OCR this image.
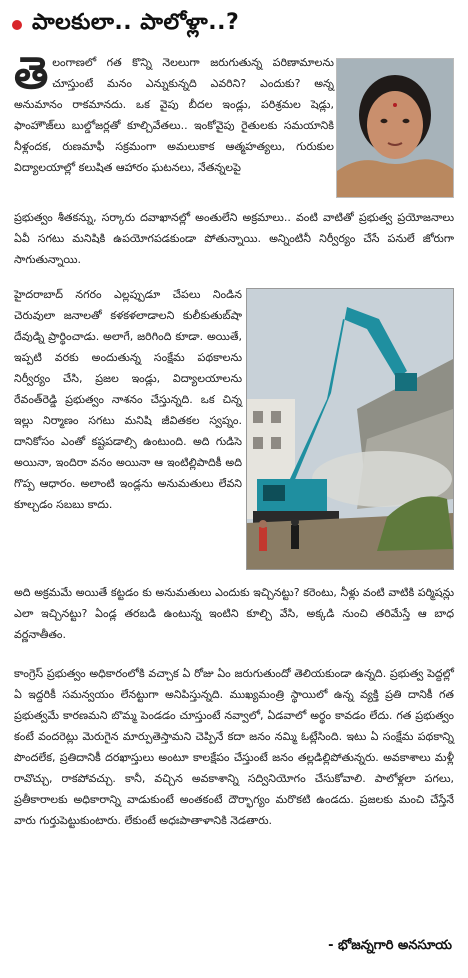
పాలకులా.. పాలోళ్లా..?
తె లంగాణలో గత కొన్ని నెలలుగా జరుగుతున్న పరిణామాలను చూస్తుంటే మనం ఎన్నుకున్నది ఎవరిని? ఎందుకు? అన్న అనుమానం రాకమానదు. ఒక వైపు బీదల ఇండ్లు, పరిశ్రమల షెడ్లు, ఫాంహౌజ్‌లు బుల్డోజర్లతో కూల్చివేతలు.. ఇంకోవైపు రైతులకు సమయానికి నీళ్లందక, రుణమాఫీ సక్రమంగా అమలుకాక ఆత్మహత్యలు, గురుకుల విద్యాలయాల్లో కలుషిత ఆహారం ఘటనలు, నేతన్నలపై
ప్రభుత్వం శీతకన్ను, సర్కారు దవాఖానల్లో అంతులేని అక్రమాలు.. వంటి వాటితో ప్రభుత్వ ప్రయోజనాలు ఏవీ సగటు మనిషికి ఉపయోగపడకుండా పోతున్నాయి. అన్నింటినీ నిర్వీర్యం చేసే పనులే జోరుగా సాగుతున్నాయి.
హైదరాబాద్ నగరం ఎల్లప్పుడూ చేపలు నిండిన చెరువులా జనాలతో కళకళలాడాలని కులీకుతుబ్‌షా దేవుడ్ని ప్రార్థించాడు. అలాగే, జరిగింది కూడా. అయితే, ఇప్పటి వరకు అందుతున్న సంక్షేమ పథకాలను నిర్వీర్యం చేసి, ప్రజల ఇండ్లు, విద్యాలయాలను రేవంత్‌రెడ్డి ప్రభుత్వం నాశనం చేస్తున్నది. ఒక చిన్న ఇల్లు నిర్మాణం సగటు మనిషి జీవితకల స్వప్నం. దానికోసం ఎంతో కష్టపడాల్సి ఉంటుంది. అది గుడిసె అయినా, ఇందిరా వనం అయినా ఆ ఇంటిల్లిపాదికీ అది గొప్ప ఆధారం. అలాంటి ఇండ్లను అనుమతులు లేవని కూల్చడం సబబు కాదు.
అది అక్రమమే అయితే కట్టడం కు అనుమతులు ఎందుకు ఇచ్చినట్టు? కరెంటు, నీళ్లు వంటి వాటికి పర్మిషన్లు ఎలా ఇచ్చినట్టు? ఏండ్ల తరబడి ఉంటున్న ఇంటిని కూల్చి వేసి, అక్కడి నుంచి తరిమేస్తే ఆ బాధ వర్ణనాతీతం.
కాంగ్రెస్ ప్రభుత్వం అధికారంలోకి వచ్చాక ఏ రోజు ఏం జరుగుతుందో తెలియకుండా ఉన్నది. ప్రభుత్వ పెద్దల్లో ఏ ఇద్దరికీ సమన్వయం లేనట్టుగా అనిపిస్తున్నది. ముఖ్యమంత్రి స్థాయిలో ఉన్న వ్యక్తి ప్రతి దానికీ గత ప్రభుత్వమే కారణమని బొమ్మ పెండడం చూస్తుంటే నవ్వాలో, ఏడవాలో అర్థం కావడం లేదు. గత ప్రభుత్వం కంటే వందరెట్లు మెరుగైన మార్పుతెస్తామని చెప్పినే కదా జనం నమ్మి ఓట్లేసింది. ఇటు ఏ సంక్షేమ పథకాన్ని పొందలేక, ప్రతిదానికీ దరఖాస్తులు అంటూ కాలక్షేపం చేస్తుంటే జనం తల్లడిల్లిపోతున్నరు. అవకాశాలు మళ్లీ రావొచ్చు, రాకపోవచ్చు. కానీ, వచ్చిన అవకాశాన్ని సద్వినియోగం చేసుకోవాలి. పాలోళ్లలా పగలు, ప్రతీకారాలకు అధికారాన్ని వాడుకుంటే అంతకంటే దౌర్భాగ్యం మరొకటి ఉండదు. ప్రజలకు మంచి చేస్తేనే వారు గుర్తుపెట్టుకుంటారు. లేకుంటే అధఃపాతాళానికి నెడతారు.
- భోజన్నగారి అనసూయ
